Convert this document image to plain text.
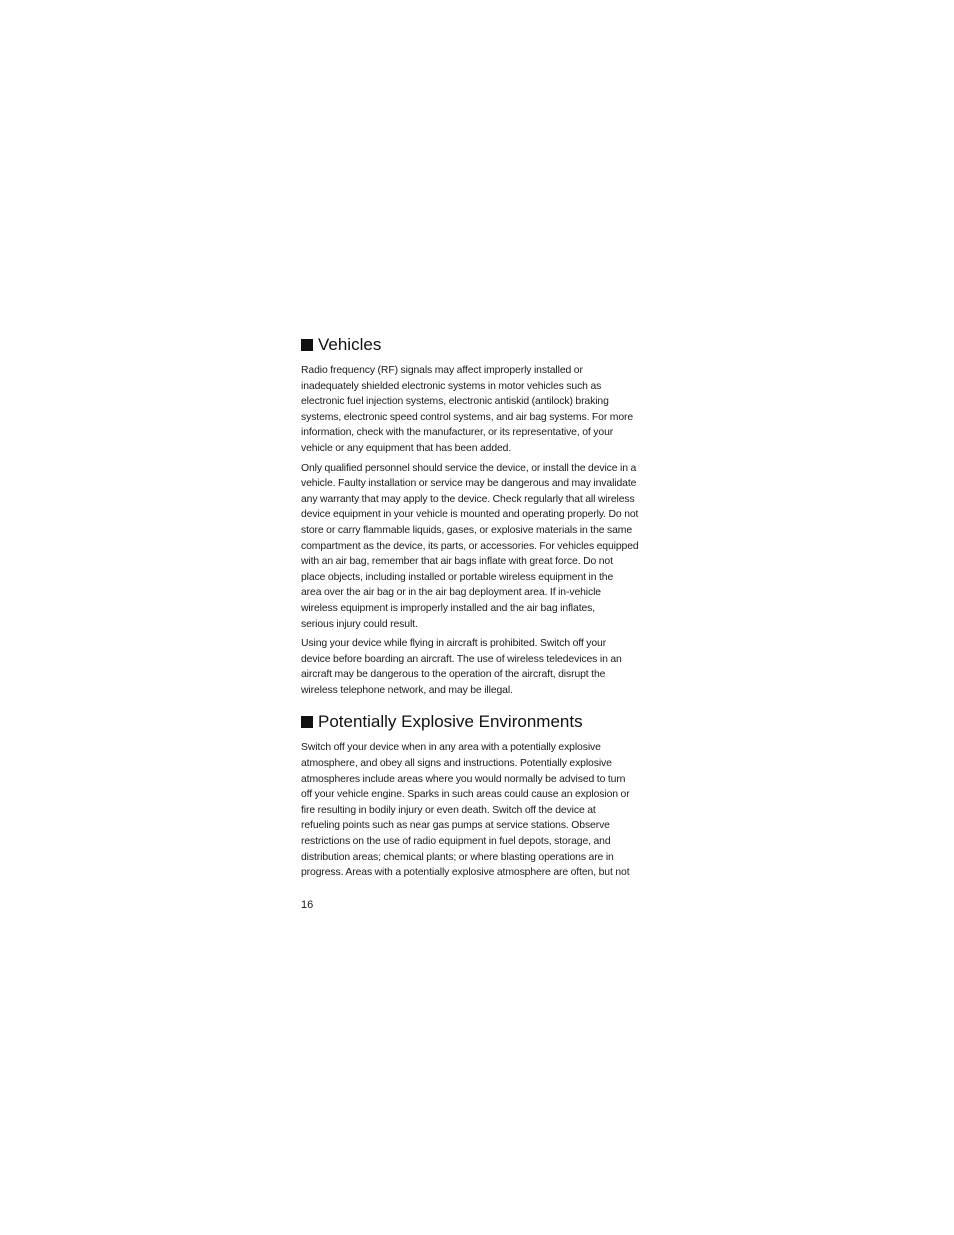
Vehicles

Radio frequency (RF) signals may affect improperly installed or
inadequately shielded electronic systems in motor vehicles such as
electronic fuel injection systems, electronic antiskid (antilock) braking
systems, electronic speed control systems, and air bag systems. For more
information, check with the manufacturer, or its representative, of your
vehicle or any equipment that has been added.

Only qualified personnel should service the device, or install the device in a
vehicle. Faulty installation or service may be dangerous and may invalidate
any warranty that may apply to the device. Check regularly that all wireless
device equipment in your vehicle is mounted and operating properly. Do not
store or carry flammable liquids, gases, or explosive materials in the same
compartment as the device, its parts, or accessories. For vehicles equipped
with an air bag, remember that air bags inflate with great force. Do not
place objects, including installed or portable wireless equipment in the
area over the air bag or in the air bag deployment area. If in-vehicle
wireless equipment is improperly installed and the air bag inflates,
serious injury could result.

Using your device while flying in aircraft is prohibited. Switch off your
device before boarding an aircraft. The use of wireless teledevices in an
aircraft may be dangerous to the operation of the aircraft, disrupt the
wireless telephone network, and may be illegal.

Potentially Explosive Environments

Switch off your device when in any area with a potentially explosive
atmosphere, and obey all signs and instructions. Potentially explosive
atmospheres include areas where you would normally be advised to turn
off your vehicle engine. Sparks in such areas could cause an explosion or
fire resulting in bodily injury or even death. Switch off the device at
refueling points such as near gas pumps at service stations. Observe
restrictions on the use of radio equipment in fuel depots, storage, and
distribution areas; chemical plants; or where blasting operations are in
progress. Areas with a potentially explosive atmosphere are often, but not

16
